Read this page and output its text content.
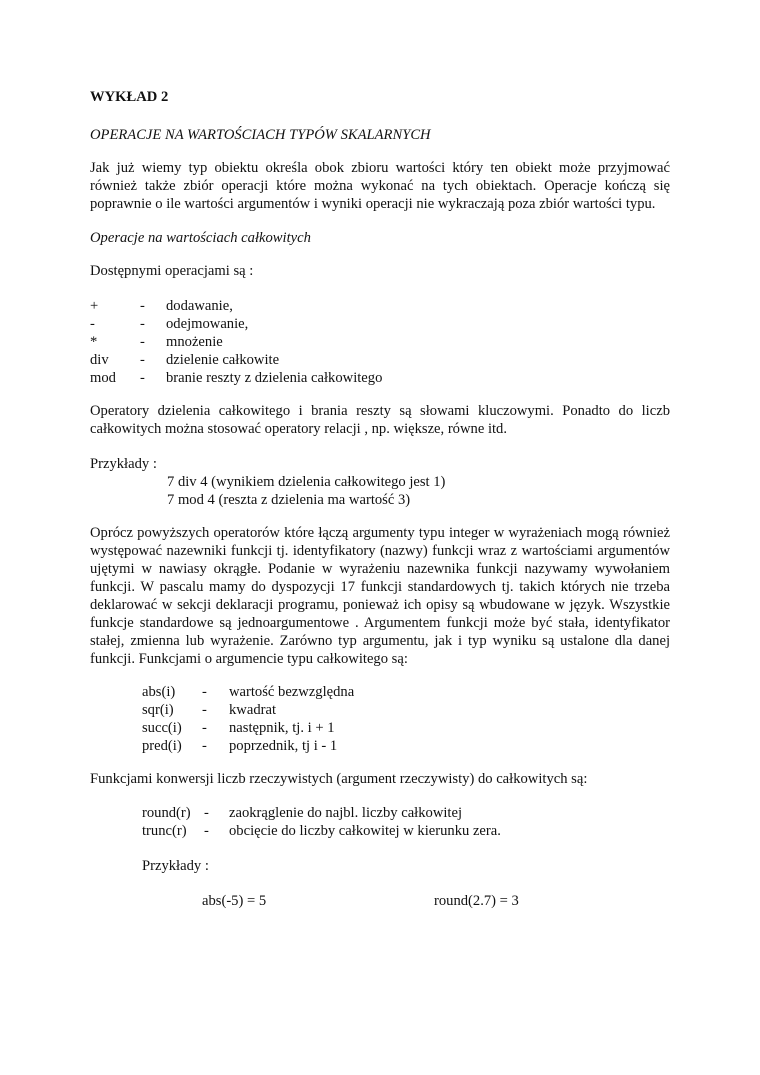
WYKŁAD 2
OPERACJE NA WARTOŚCIACH TYPÓW SKALARNYCH
Jak już wiemy typ obiektu określa obok zbioru wartości który ten obiekt może przyjmować również także zbiór operacji które można wykonać na tych obiektach. Operacje kończą się poprawnie o ile wartości argumentów i wyniki operacji nie wykraczają poza zbiór wartości typu.
Operacje na wartościach całkowitych
Dostępnymi operacjami są :
+	-	dodawanie,
-	-	odejmowanie,
*	-	mnożenie
div	-	dzielenie całkowite
mod	-	branie reszty z dzielenia całkowitego
Operatory dzielenia całkowitego i brania reszty są słowami kluczowymi. Ponadto do liczb całkowitych można stosować operatory relacji , np. większe, równe itd.
Przykłady :
7 div 4 (wynikiem dzielenia całkowitego jest 1)
7 mod 4 (reszta z dzielenia ma wartość 3)
Oprócz powyższych operatorów które łączą argumenty typu integer w wyrażeniach mogą również występować nazewniki funkcji tj. identyfikatory (nazwy) funkcji wraz z wartościami argumentów ujętymi w nawiasy okrągłe. Podanie w wyrażeniu nazewnika funkcji nazywamy wywołaniem funkcji. W pascalu mamy do dyspozycji 17 funkcji standardowych tj. takich których nie trzeba deklarować w sekcji deklaracji programu, ponieważ ich opisy są wbudowane w język. Wszystkie funkcje standardowe są jednoargumentowe . Argumentem funkcji może być stała, identyfikator stałej, zmienna lub wyrażenie. Zarówno typ argumentu, jak i typ wyniku są ustalone dla danej funkcji. Funkcjami o argumencie typu całkowitego są:
abs(i)	-	wartość bezwzględna
sqr(i)	-	kwadrat
succ(i)	-	następnik, tj. i + 1
pred(i)	-	poprzednik, tj i - 1
Funkcjami konwersji liczb rzeczywistych (argument rzeczywisty) do całkowitych są:
round(r) -	zaokrąglenie do najbl. liczby całkowitej
trunc(r)	-	obcięcie do liczby całkowitej w kierunku zera.
Przykłady :
abs(-5) = 5	round(2.7) = 3
